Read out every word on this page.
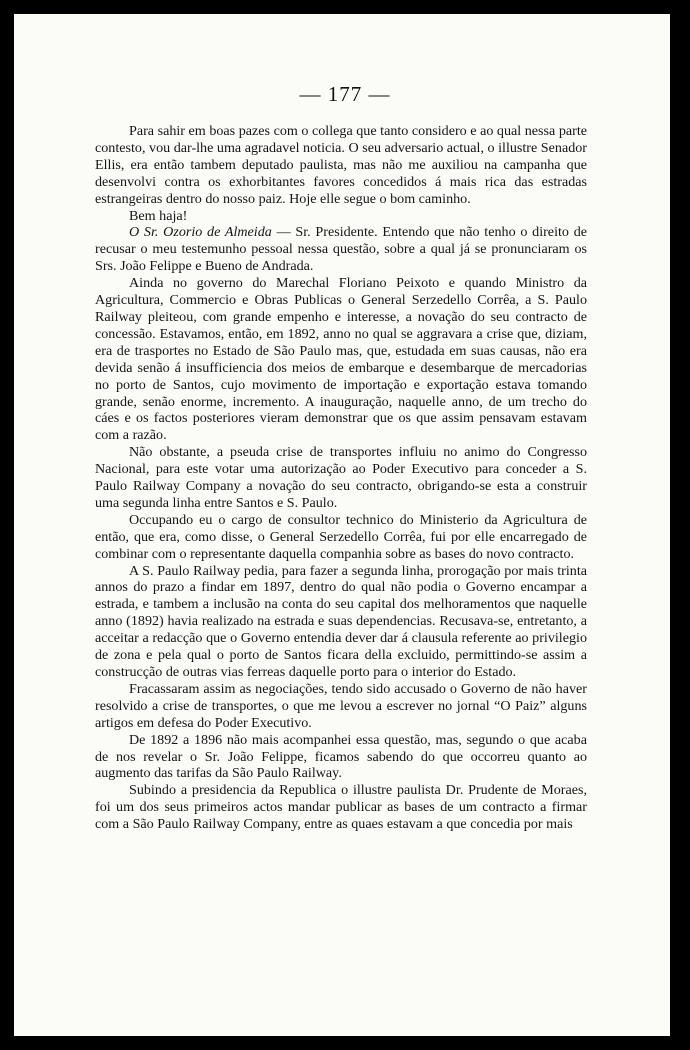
— 177 —

Para sahir em boas pazes com o collega que tanto considero e ao qual nessa parte contesto, vou dar-lhe uma agradavel noticia. O seu adversario actual, o illustre Senador Ellis, era então tambem deputado paulista, mas não me auxiliou na campanha que desenvolvi contra os exhorbitantes favores concedidos á mais rica das estradas estrangeiras dentro do nosso paiz. Hoje elle segue o bom caminho.

Bem haja!

O Sr. Ozorio de Almeida — Sr. Presidente. Entendo que não tenho o direito de recusar o meu testemunho pessoal nessa questão, sobre a qual já se pronunciaram os Srs. João Felippe e Bueno de Andrada.

Ainda no governo do Marechal Floriano Peixoto e quando Ministro da Agricultura, Commercio e Obras Publicas o General Serzedello Corrêa, a S. Paulo Railway pleiteou, com grande empenho e interesse, a novação do seu contracto de concessão. Estavamos, então, em 1892, anno no qual se aggravara a crise que, diziam, era de trasportes no Estado de São Paulo mas, que, estudada em suas causas, não era devida senão á insufficiencia dos meios de embarque e desembarque de mercadorias no porto de Santos, cujo movimento de importação e exportação estava tomando grande, senão enorme, incremento. A inauguração, naquelle anno, de um trecho do cáes e os factos posteriores vieram demonstrar que os que assim pensavam estavam com a razão.

Não obstante, a pseuda crise de transportes influiu no animo do Congresso Nacional, para este votar uma autorização ao Poder Executivo para conceder a S. Paulo Railway Company a novação do seu contracto, obrigando-se esta a construir uma segunda linha entre Santos e S. Paulo.

Occupando eu o cargo de consultor technico do Ministerio da Agricultura de então, que era, como disse, o General Serzedello Corrêa, fui por elle encarregado de combinar com o representante daquella companhia sobre as bases do novo contracto.

A S. Paulo Railway pedia, para fazer a segunda linha, prorogação por mais trinta annos do prazo a findar em 1897, dentro do qual não podia o Governo encampar a estrada, e tambem a inclusão na conta do seu capital dos melhoramentos que naquelle anno (1892) havia realizado na estrada e suas dependencias. Recusava-se, entretanto, a acceitar a redacção que o Governo entendia dever dar á clausula referente ao privilegio de zona e pela qual o porto de Santos ficara della excluido, permittindo-se assim a construcção de outras vias ferreas daquelle porto para o interior do Estado.

Fracassaram assim as negociações, tendo sido accusado o Governo de não haver resolvido a crise de transportes, o que me levou a escrever no jornal “O Paiz” alguns artigos em defesa do Poder Executivo.

De 1892 a 1896 não mais acompanhei essa questão, mas, segundo o que acaba de nos revelar o Sr. João Felippe, ficamos sabendo do que occorreu quanto ao augmento das tarifas da São Paulo Railway.

Subindo a presidencia da Republica o illustre paulista Dr. Prudente de Moraes, foi um dos seus primeiros actos mandar publicar as bases de um contracto a firmar com a São Paulo Railway Company, entre as quaes estavam a que concedia por mais
